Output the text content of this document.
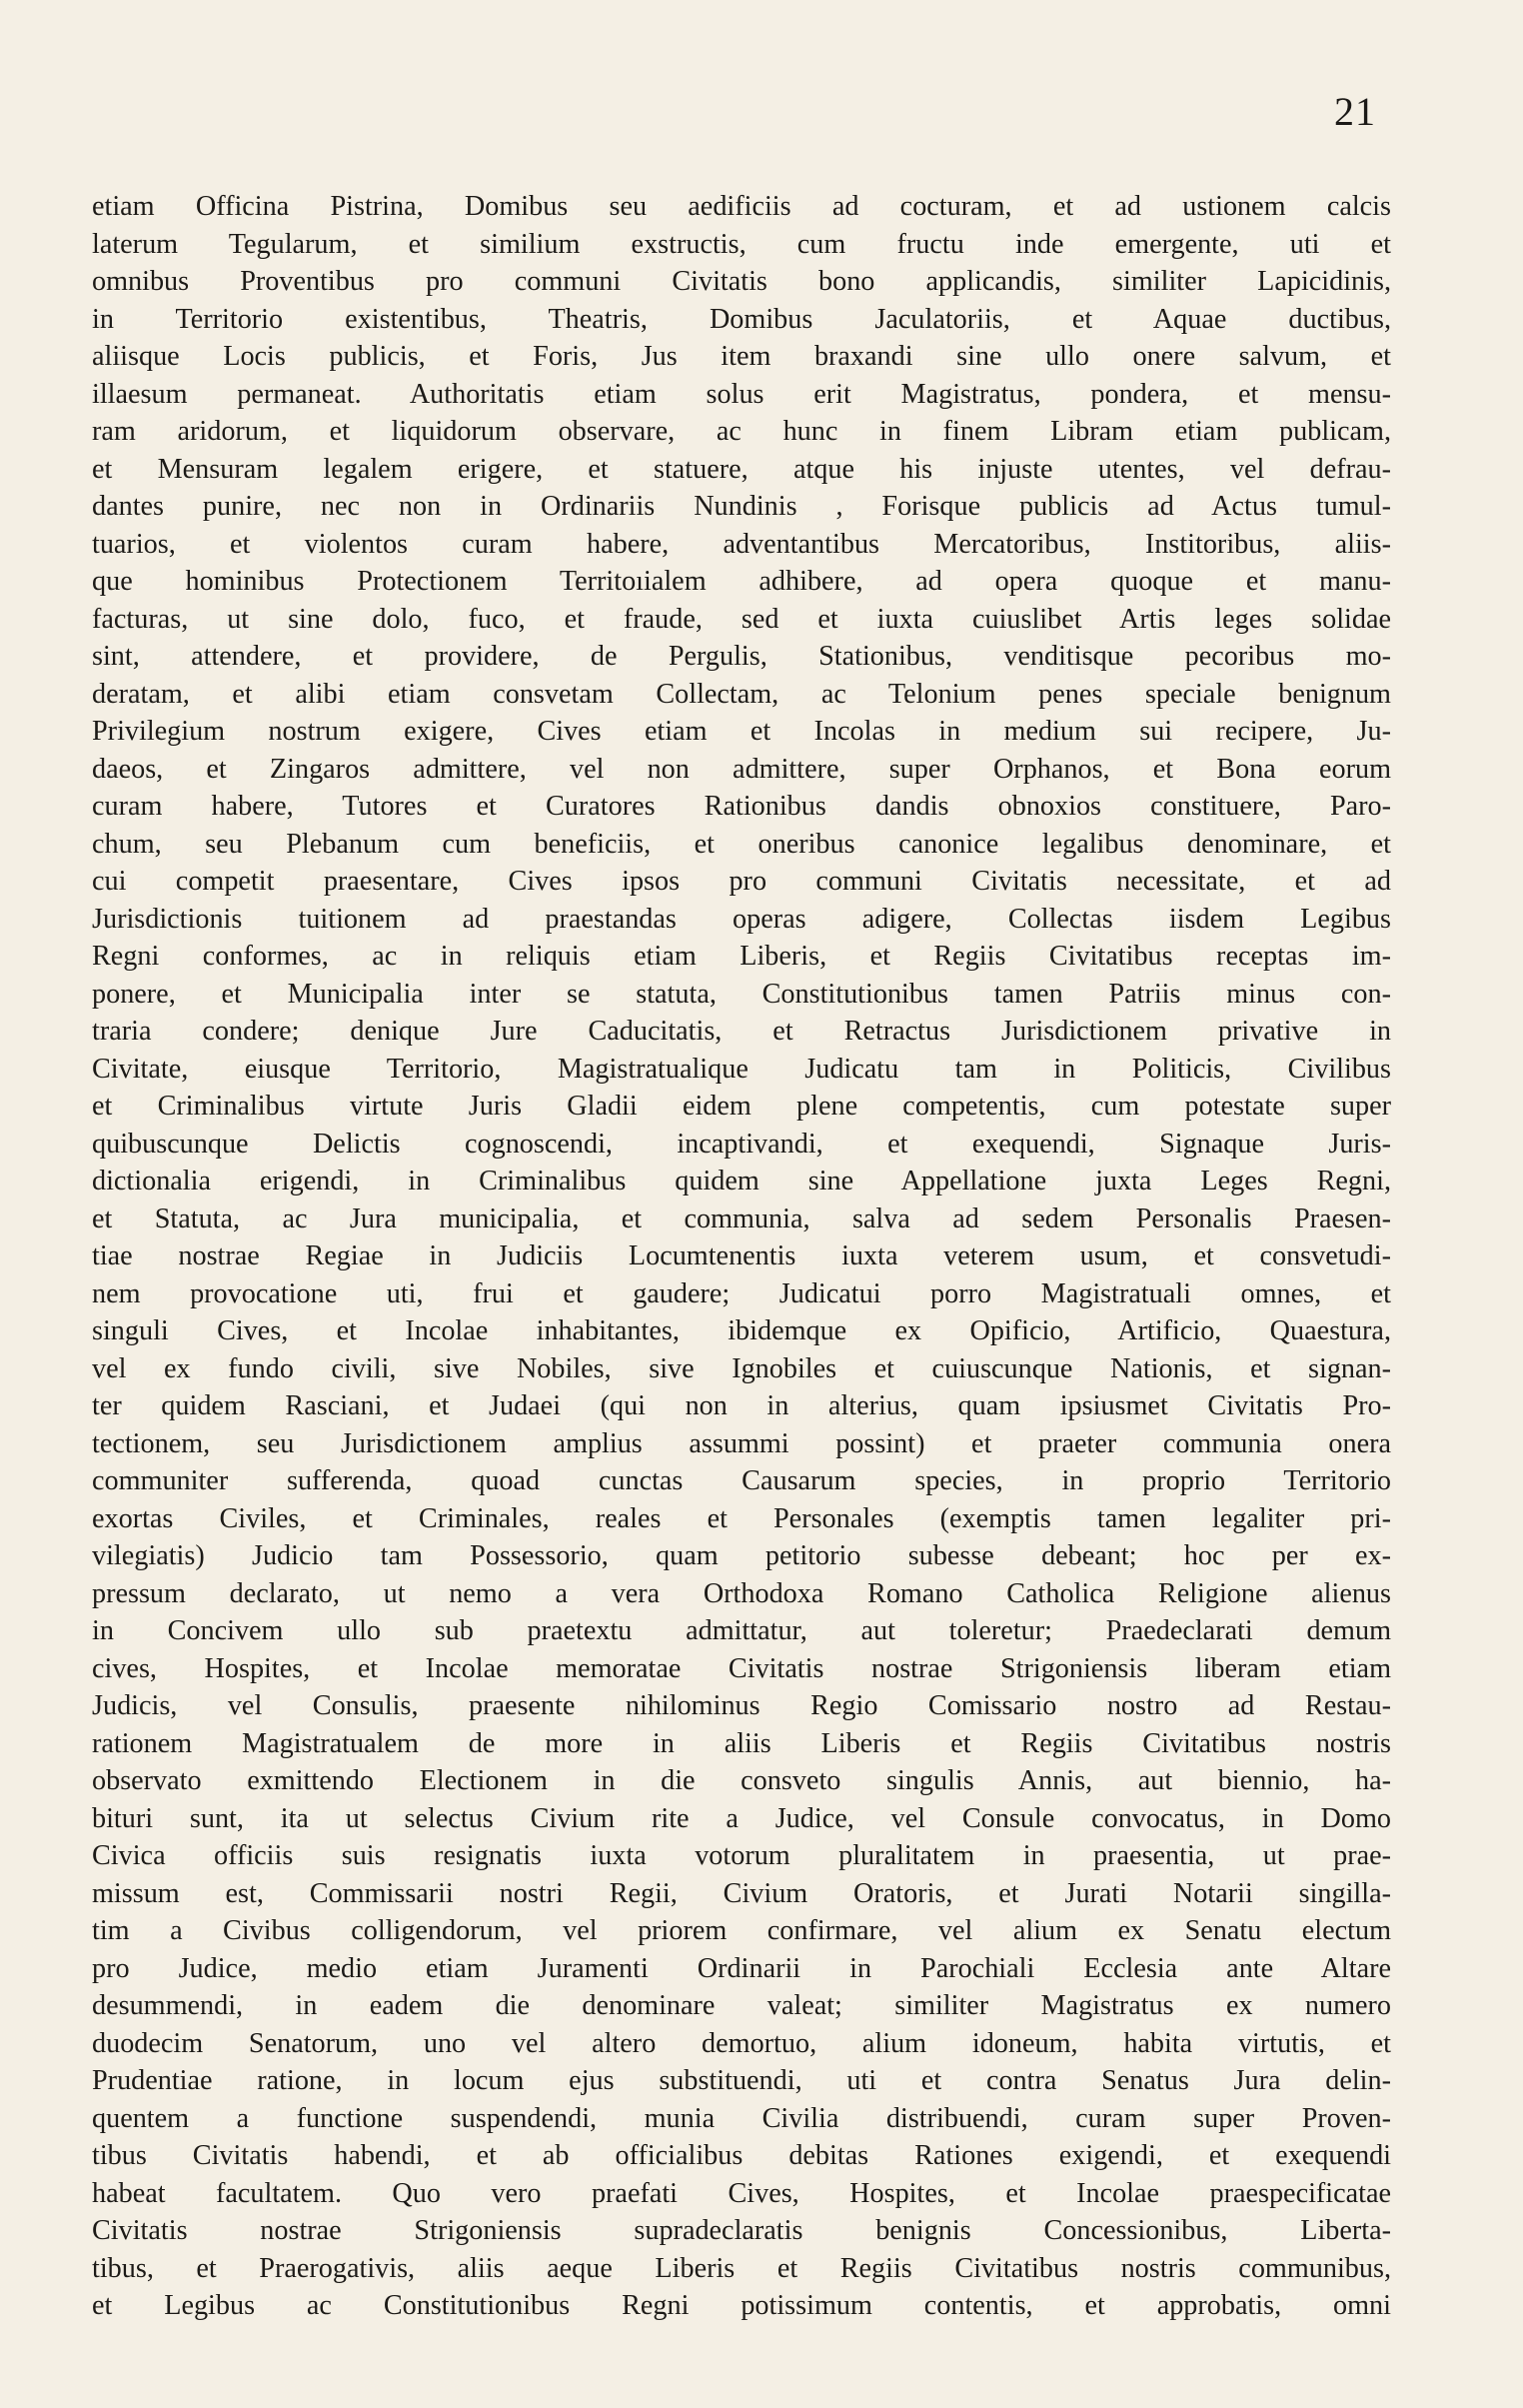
21
etiam Officina Pistrina, Domibus seu aedificiis ad cocturam, et ad ustionem calcis
laterum Tegularum, et similium exstructis, cum fructu inde emergente, uti et
omnibus Proventibus pro communi Civitatis bono applicandis, similiter Lapicidinis,
in Territorio existentibus, Theatris, Domibus Jaculatoriis, et Aquae ductibus,
aliisque Locis publicis, et Foris, Jus item braxandi sine ullo onere salvum, et
illaesum permaneat. Authoritatis etiam solus erit Magistratus, pondera, et mensu-
ram aridorum, et liquidorum observare, ac hunc in finem Libram etiam publicam,
et Mensuram legalem erigere, et statuere, atque his injuste utentes, vel defrau-
dantes punire, nec non in Ordinariis Nundinis , Forisque publicis ad Actus tumul-
tuarios, et violentos curam habere, adventantibus Mercatoribus, Institoribus, aliis-
que hominibus Protectionem Territoıialem adhibere, ad opera quoque et manu-
facturas, ut sine dolo, fuco, et fraude, sed et iuxta cuiuslibet Artis leges solidae
sint, attendere, et providere, de Pergulis, Stationibus, venditisque pecoribus mo-
deratam, et alibi etiam consvetam Collectam, ac Telonium penes speciale benignum
Privilegium nostrum exigere, Cives etiam et Incolas in medium sui recipere, Ju-
daeos, et Zingaros admittere, vel non admittere, super Orphanos, et Bona eorum
curam habere, Tutores et Curatores Rationibus dandis obnoxios constituere, Paro-
chum, seu Plebanum cum beneficiis, et oneribus canonice legalibus denominare, et
cui competit praesentare, Cives ipsos pro communi Civitatis necessitate, et ad
Jurisdictionis tuitionem ad praestandas operas adigere, Collectas iisdem Legibus
Regni conformes, ac in reliquis etiam Liberis, et Regiis Civitatibus receptas im-
ponere, et Municipalia inter se statuta, Constitutionibus tamen Patriis minus con-
traria condere; denique Jure Caducitatis, et Retractus Jurisdictionem privative in
Civitate, eiusque Territorio, Magistratualique Judicatu tam in Politicis, Civilibus
et Criminalibus virtute Juris Gladii eidem plene competentis, cum potestate super
quibuscunque Delictis cognoscendi, incaptivandi, et exequendi, Signaque Juris-
dictionalia erigendi, in Criminalibus quidem sine Appellatione juxta Leges Regni,
et Statuta, ac Jura municipalia, et communia, salva ad sedem Personalis Praesen-
tiae nostrae Regiae in Judiciis Locumtenentis iuxta veterem usum, et consvetudi-
nem provocatione uti, frui et gaudere; Judicatui porro Magistratuali omnes, et
singuli Cives, et Incolae inhabitantes, ibidemque ex Opificio, Artificio, Quaestura,
vel ex fundo civili, sive Nobiles, sive Ignobiles et cuiuscunque Nationis, et signan-
ter quidem Rasciani, et Judaei (qui non in alterius, quam ipsiusmet Civitatis Pro-
tectionem, seu Jurisdictionem amplius assummi possint) et praeter communia onera
communiter sufferenda, quoad cunctas Causarum species, in proprio Territorio
exortas Civiles, et Criminales, reales et Personales (exemptis tamen legaliter pri-
vilegiatis) Judicio tam Possessorio, quam petitorio subesse debeant; hoc per ex-
pressum declarato, ut nemo a vera Orthodoxa Romano Catholica Religione alienus
in Concivem ullo sub praetextu admittatur, aut toleretur; Praedeclarati demum
cives, Hospites, et Incolae memoratae Civitatis nostrae Strigoniensis liberam etiam
Judicis, vel Consulis, praesente nihilominus Regio Comissario nostro ad Restau-
rationem Magistratualem de more in aliis Liberis et Regiis Civitatibus nostris
observato exmittendo Electionem in die consveto singulis Annis, aut biennio, ha-
bituri sunt, ita ut selectus Civium rite a Judice, vel Consule convocatus, in Domo
Civica officiis suis resignatis iuxta votorum pluralitatem in praesentia, ut prae-
missum est, Commissarii nostri Regii, Civium Oratoris, et Jurati Notarii singilla-
tim a Civibus colligendorum, vel priorem confirmare, vel alium ex Senatu electum
pro Judice, medio etiam Juramenti Ordinarii in Parochiali Ecclesia ante Altare
desummendi, in eadem die denominare valeat; similiter Magistratus ex numero
duodecim Senatorum, uno vel altero demortuo, alium idoneum, habita virtutis, et
Prudentiae ratione, in locum ejus substituendi, uti et contra Senatus Jura delin-
quentem a functione suspendendi, munia Civilia distribuendi, curam super Proven-
tibus Civitatis habendi, et ab officialibus debitas Rationes exigendi, et exequendi
habeat facultatem. Quo vero praefati Cives, Hospites, et Incolae praespecificatae
Civitatis nostrae Strigoniensis supradeclaratis benignis Concessionibus, Liberta-
tibus, et Praerogativis, aliis aeque Liberis et Regiis Civitatibus nostris communibus,
et Legibus ac Constitutionibus Regni potissimum contentis, et approbatis, omni
